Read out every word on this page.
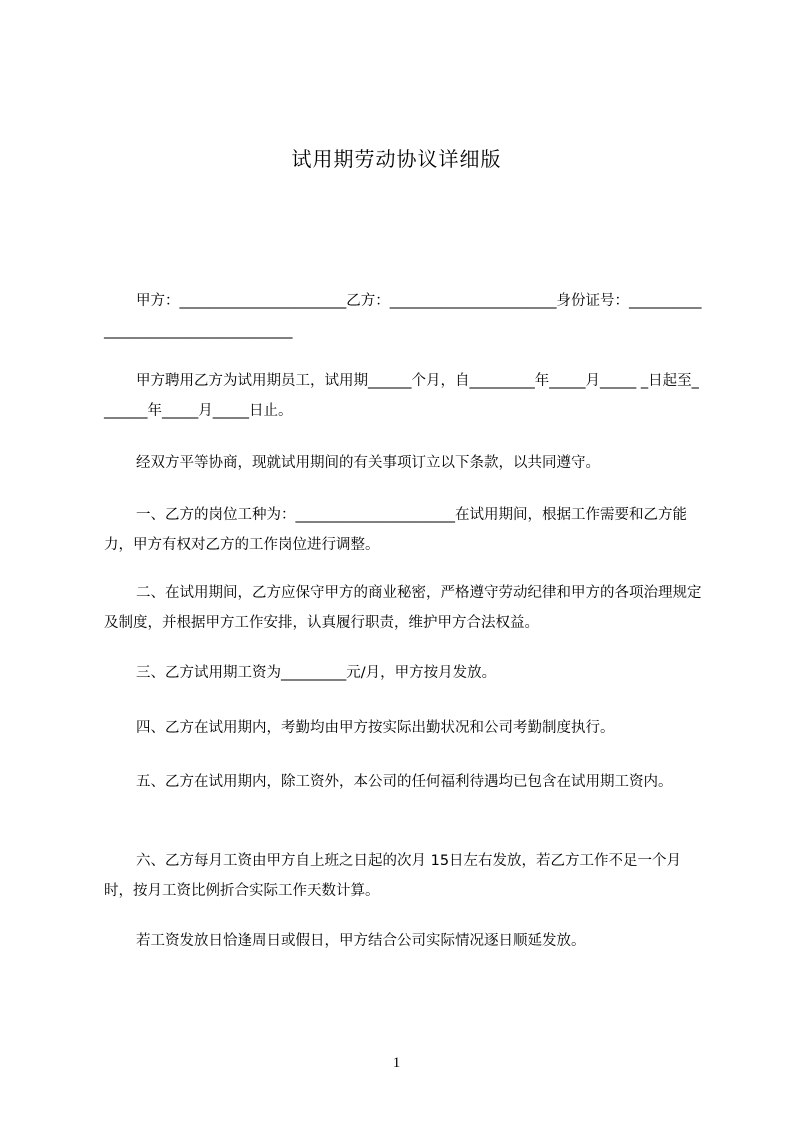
试用期劳动协议详细版
甲方：_______________________乙方：_______________________身份证号：____________________________________
甲方聘用乙方为试用期员工，试用期______个月，自_________年_____月_____ _日起至_______年_____月_____日止。
经双方平等协商，现就试用期间的有关事项订立以下条款，以共同遵守。
一、乙方的岗位工种为：______________________在试用期间，根据工作需要和乙方能力，甲方有权对乙方的工作岗位进行调整。
二、在试用期间，乙方应保守甲方的商业秘密，严格遵守劳动纪律和甲方的各项治理规定及制度，并根据甲方工作安排，认真履行职责，维护甲方合法权益。
三、乙方试用期工资为_________元/月，甲方按月发放。
四、乙方在试用期内，考勤均由甲方按实际出勤状况和公司考勤制度执行。
五、乙方在试用期内，除工资外，本公司的任何福利待遇均已包含在试用期工资内。
六、乙方每月工资由甲方自上班之日起的次月 15日左右发放，若乙方工作不足一个月时，按月工资比例折合实际工作天数计算。
若工资发放日恰逢周日或假日，甲方结合公司实际情况逐日顺延发放。
1
